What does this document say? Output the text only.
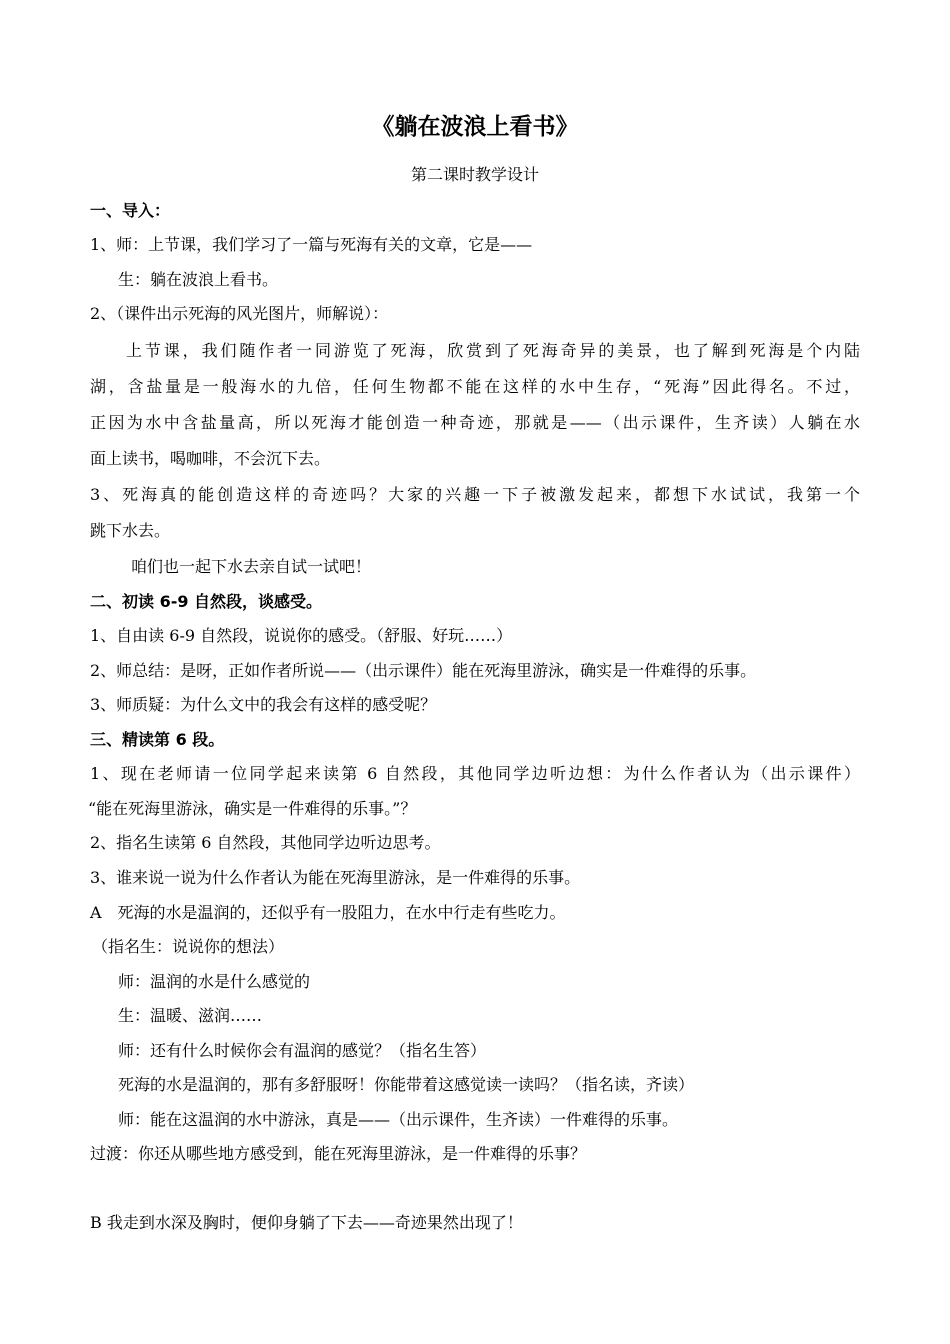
《躺在波浪上看书》
第二课时教学设计
一、导入：
1、师：上节课，我们学习了一篇与死海有关的文章，它是——
生：躺在波浪上看书。
2、（课件出示死海的风光图片，师解说）：
上节课，我们随作者一同游览了死海，欣赏到了死海奇异的美景，也了解到死海是个内陆
湖，含盐量是一般海水的九倍，任何生物都不能在这样的水中生存，“死海”因此得名。不过，
正因为水中含盐量高，所以死海才能创造一种奇迹，那就是——（出示课件，生齐读）人躺在水
面上读书，喝咖啡，不会沉下去。
3、死海真的能创造这样的奇迹吗？大家的兴趣一下子被激发起来，都想下水试试，我第一个
跳下水去。
咱们也一起下水去亲自试一试吧！
二、初读 6-9 自然段，谈感受。
1、自由读 6-9 自然段，说说你的感受。（舒服、好玩……）
2、师总结：是呀，正如作者所说——（出示课件）能在死海里游泳，确实是一件难得的乐事。
3、师质疑：为什么文中的我会有这样的感受呢？
三、精读第 6 段。
1、现在老师请一位同学起来读第 6 自然段，其他同学边听边想：为什么作者认为（出示课件）
“能在死海里游泳，确实是一件难得的乐事。”？
2、指名生读第 6 自然段，其他同学边听边思考。
3、谁来说一说为什么作者认为能在死海里游泳，是一件难得的乐事。
A　死海的水是温润的，还似乎有一股阻力，在水中行走有些吃力。
（指名生：说说你的想法）
师：温润的水是什么感觉的
生：温暖、滋润……
师：还有什么时候你会有温润的感觉？（指名生答）
死海的水是温润的，那有多舒服呀！你能带着这感觉读一读吗？（指名读，齐读）
师：能在这温润的水中游泳，真是——（出示课件，生齐读）一件难得的乐事。
过渡：你还从哪些地方感受到，能在死海里游泳，是一件难得的乐事？
B 我走到水深及胸时，便仰身躺了下去——奇迹果然出现了！
